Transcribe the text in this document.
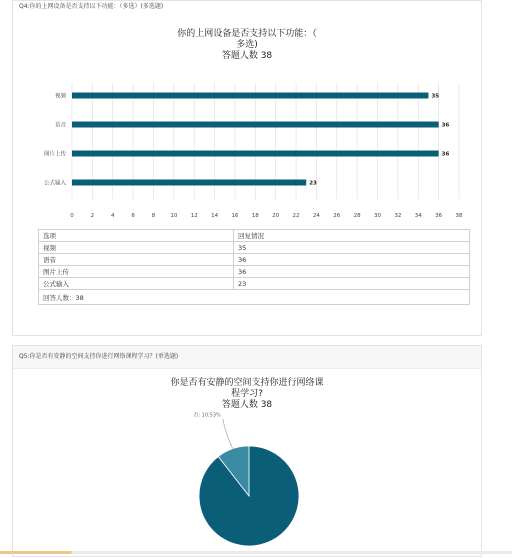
Q4:你的上网设备是否支持以下功能：（多选）(多选题)
你的上网设备是否支持以下功能：（
多选)
答题人数 38
0	2	4	6	8	10 12 14 16 18 20 22 24 26 28 30 32 34 36 38
视频	35
语音	36
图片上传	36
公式输入	23
选项	回复情况
视频	35
语音	36
图片上传	36
公式输入	23
回答人数：38	
Q5:你是否有安静的空间支持你进行网络课程学习？(单选题)
你是否有安静的空间支持你进行网络课
程学习?
答题人数 38
否: 10.53%
